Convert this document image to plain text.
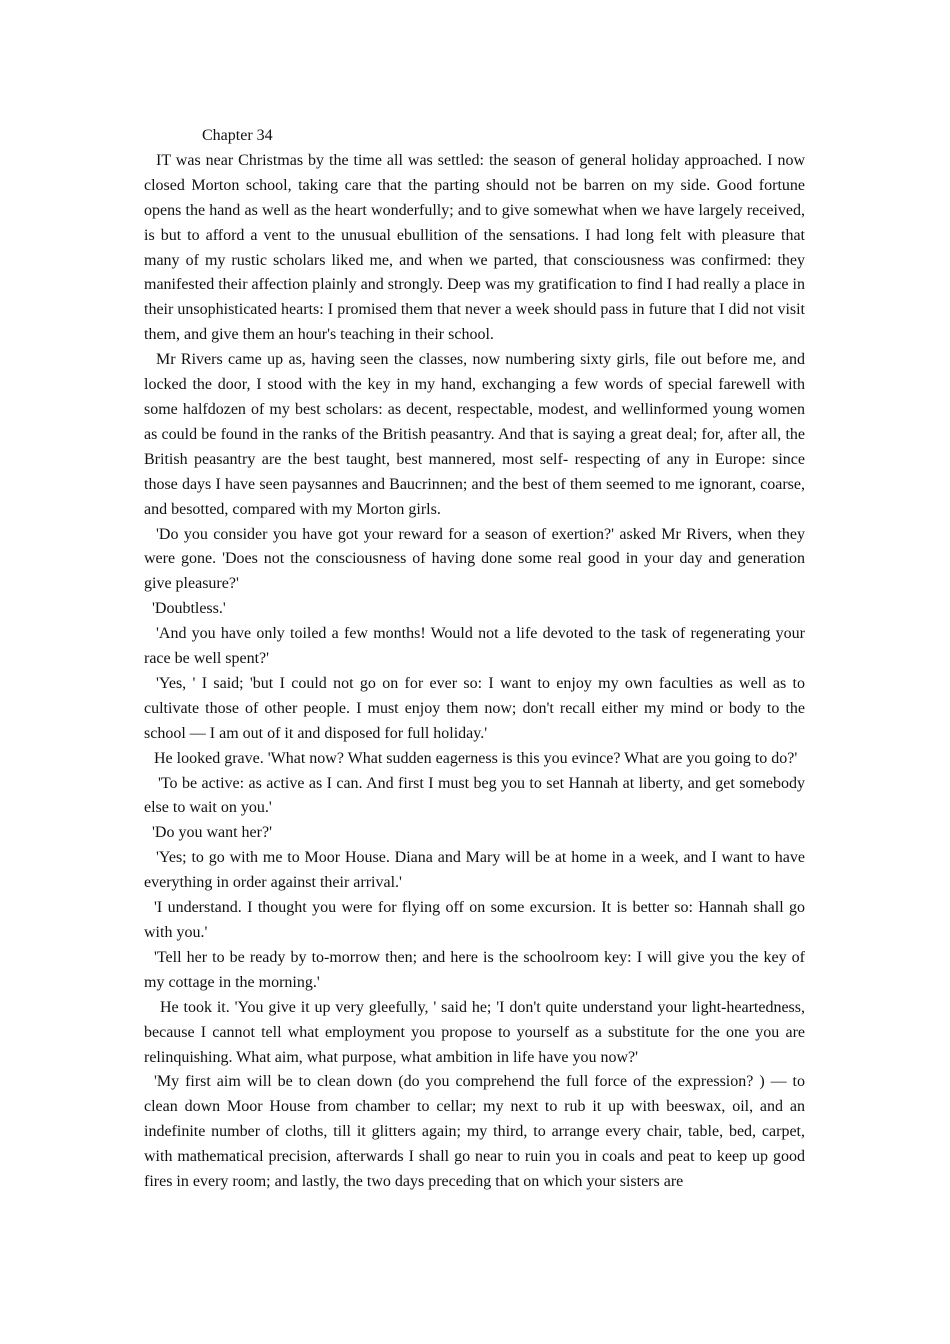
Chapter 34

IT was near Christmas by the time all was settled: the season of general holiday approached. I now closed Morton school, taking care that the parting should not be barren on my side. Good fortune opens the hand as well as the heart wonderfully; and to give somewhat when we have largely received, is but to afford a vent to the unusual ebullition of the sensations. I had long felt with pleasure that many of my rustic scholars liked me, and when we parted, that consciousness was confirmed: they manifested their affection plainly and strongly. Deep was my gratification to find I had really a place in their unsophisticated hearts: I promised them that never a week should pass in future that I did not visit them, and give them an hour's teaching in their school.

Mr Rivers came up as, having seen the classes, now numbering sixty girls, file out before me, and locked the door, I stood with the key in my hand, exchanging a few words of special farewell with some halfdozen of my best scholars: as decent, respectable, modest, and wellinformed young women as could be found in the ranks of the British peasantry. And that is saying a great deal; for, after all, the British peasantry are the best taught, best mannered, most self- respecting of any in Europe: since those days I have seen paysannes and Baucrinnen; and the best of them seemed to me ignorant, coarse, and besotted, compared with my Morton girls.

'Do you consider you have got your reward for a season of exertion?' asked Mr Rivers, when they were gone. 'Does not the consciousness of having done some real good in your day and generation give pleasure?'

'Doubtless.'

'And you have only toiled a few months! Would not a life devoted to the task of regenerating your race be well spent?'

'Yes, ' I said; 'but I could not go on for ever so: I want to enjoy my own faculties as well as to cultivate those of other people. I must enjoy them now; don't recall either my mind or body to the school — I am out of it and disposed for full holiday.'

He looked grave. 'What now? What sudden eagerness is this you evince? What are you going to do?'

'To be active: as active as I can. And first I must beg you to set Hannah at liberty, and get somebody else to wait on you.'

'Do you want her?'

'Yes; to go with me to Moor House. Diana and Mary will be at home in a week, and I want to have everything in order against their arrival.'

'I understand. I thought you were for flying off on some excursion. It is better so: Hannah shall go with you.'

'Tell her to be ready by to-morrow then; and here is the schoolroom key: I will give you the key of my cottage in the morning.'

He took it. 'You give it up very gleefully, ' said he; 'I don't quite understand your light-heartedness, because I cannot tell what employment you propose to yourself as a substitute for the one you are relinquishing. What aim, what purpose, what ambition in life have you now?'

'My first aim will be to clean down (do you comprehend the full force of the expression? ) — to clean down Moor House from chamber to cellar; my next to rub it up with beeswax, oil, and an indefinite number of cloths, till it glitters again; my third, to arrange every chair, table, bed, carpet, with mathematical precision, afterwards I shall go near to ruin you in coals and peat to keep up good fires in every room; and lastly, the two days preceding that on which your sisters are
